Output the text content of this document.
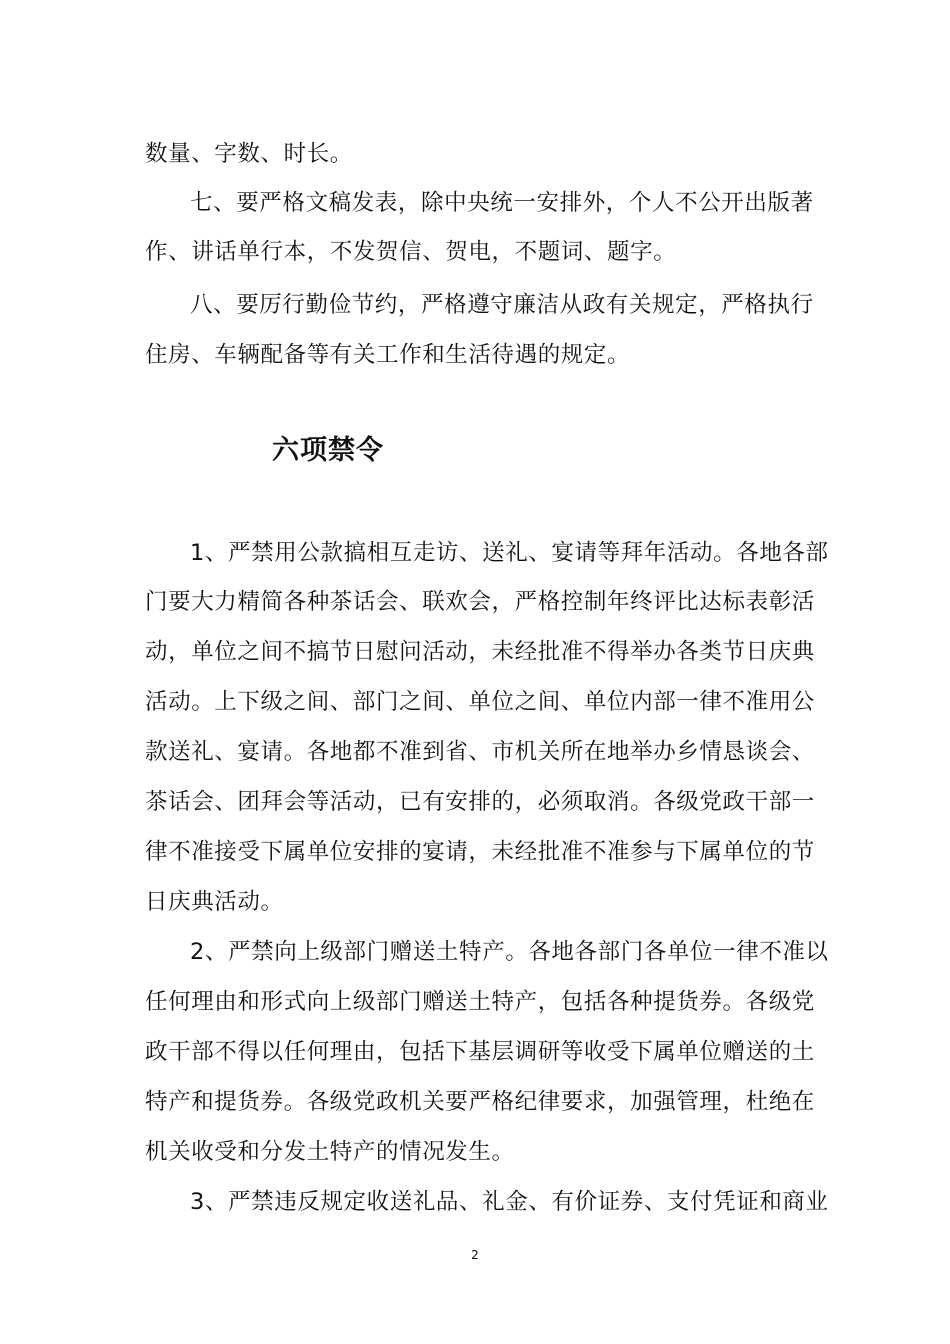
数量、字数、时长。
七、要严格文稿发表，除中央统一安排外，个人不公开出版著
作、讲话单行本，不发贺信、贺电，不题词、题字。
八、要厉行勤俭节约，严格遵守廉洁从政有关规定，严格执行
住房、车辆配备等有关工作和生活待遇的规定。
六项禁令
1、严禁用公款搞相互走访、送礼、宴请等拜年活动。各地各部
门要大力精简各种茶话会、联欢会，严格控制年终评比达标表彰活
动，单位之间不搞节日慰问活动，未经批准不得举办各类节日庆典
活动。上下级之间、部门之间、单位之间、单位内部一律不准用公
款送礼、宴请。各地都不准到省、市机关所在地举办乡情恳谈会、
茶话会、团拜会等活动，已有安排的，必须取消。各级党政干部一
律不准接受下属单位安排的宴请，未经批准不准参与下属单位的节
日庆典活动。
2、严禁向上级部门赠送土特产。各地各部门各单位一律不准以
任何理由和形式向上级部门赠送土特产，包括各种提货券。各级党
政干部不得以任何理由，包括下基层调研等收受下属单位赠送的土
特产和提货券。各级党政机关要严格纪律要求，加强管理，杜绝在
机关收受和分发土特产的情况发生。
3、严禁违反规定收送礼品、礼金、有价证券、支付凭证和商业
2
